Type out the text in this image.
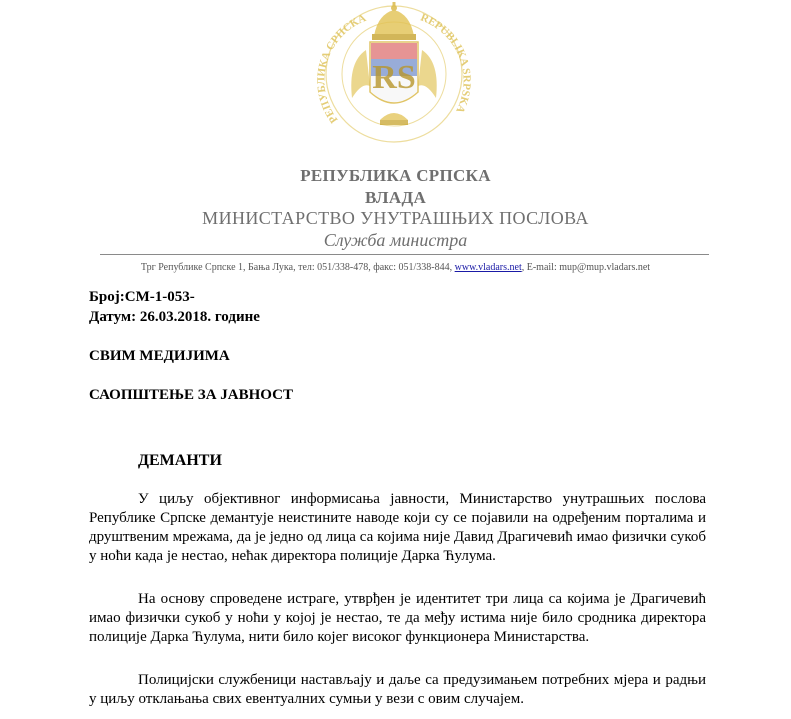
РЕПУБЛИКА СРПСКА	REPUBLIKA SRPSKA
RS
РЕПУБЛИКА СРПСКА
ВЛАДА
МИНИСТАРСТВО УНУТРАШЊИХ ПОСЛОВА
Служба министра
Трг Републике Српске 1, Бања Лука, тел: 051/338-478, факс: 051/338-844, www.vladars.net, E-mail: mup@mup.vladars.net
Број:СМ-1-053-
Датум: 26.03.2018. године
СВИМ МЕДИЈИМА
САОПШТЕЊЕ ЗА ЈАВНОСТ
ДЕМАНТИ
У циљу објективног информисања јавности, Министарство унутрашњих послова Републике Српске демантује неистините наводе који су се појавили на одређеним порталима и друштвеним мрежама, да је једно од лица са којима није Давид Драгичевић имао физички сукоб у ноћи када је нестао, нећак директора полиције Дарка Ћулума.
На основу спроведене истраге, утврђен је идентитет три лица са којима је Драгичевић имао физички сукоб у ноћи у којој је нестао, те да међу истима није било сродника директора полиције Дарка Ћулума, нити било којег високог функционера Министарства.
Полицијски службеници настављају и даље са предузимањем потребних мјера и радњи у циљу отклањања свих евентуалних сумњи у вези с овим случајем.
